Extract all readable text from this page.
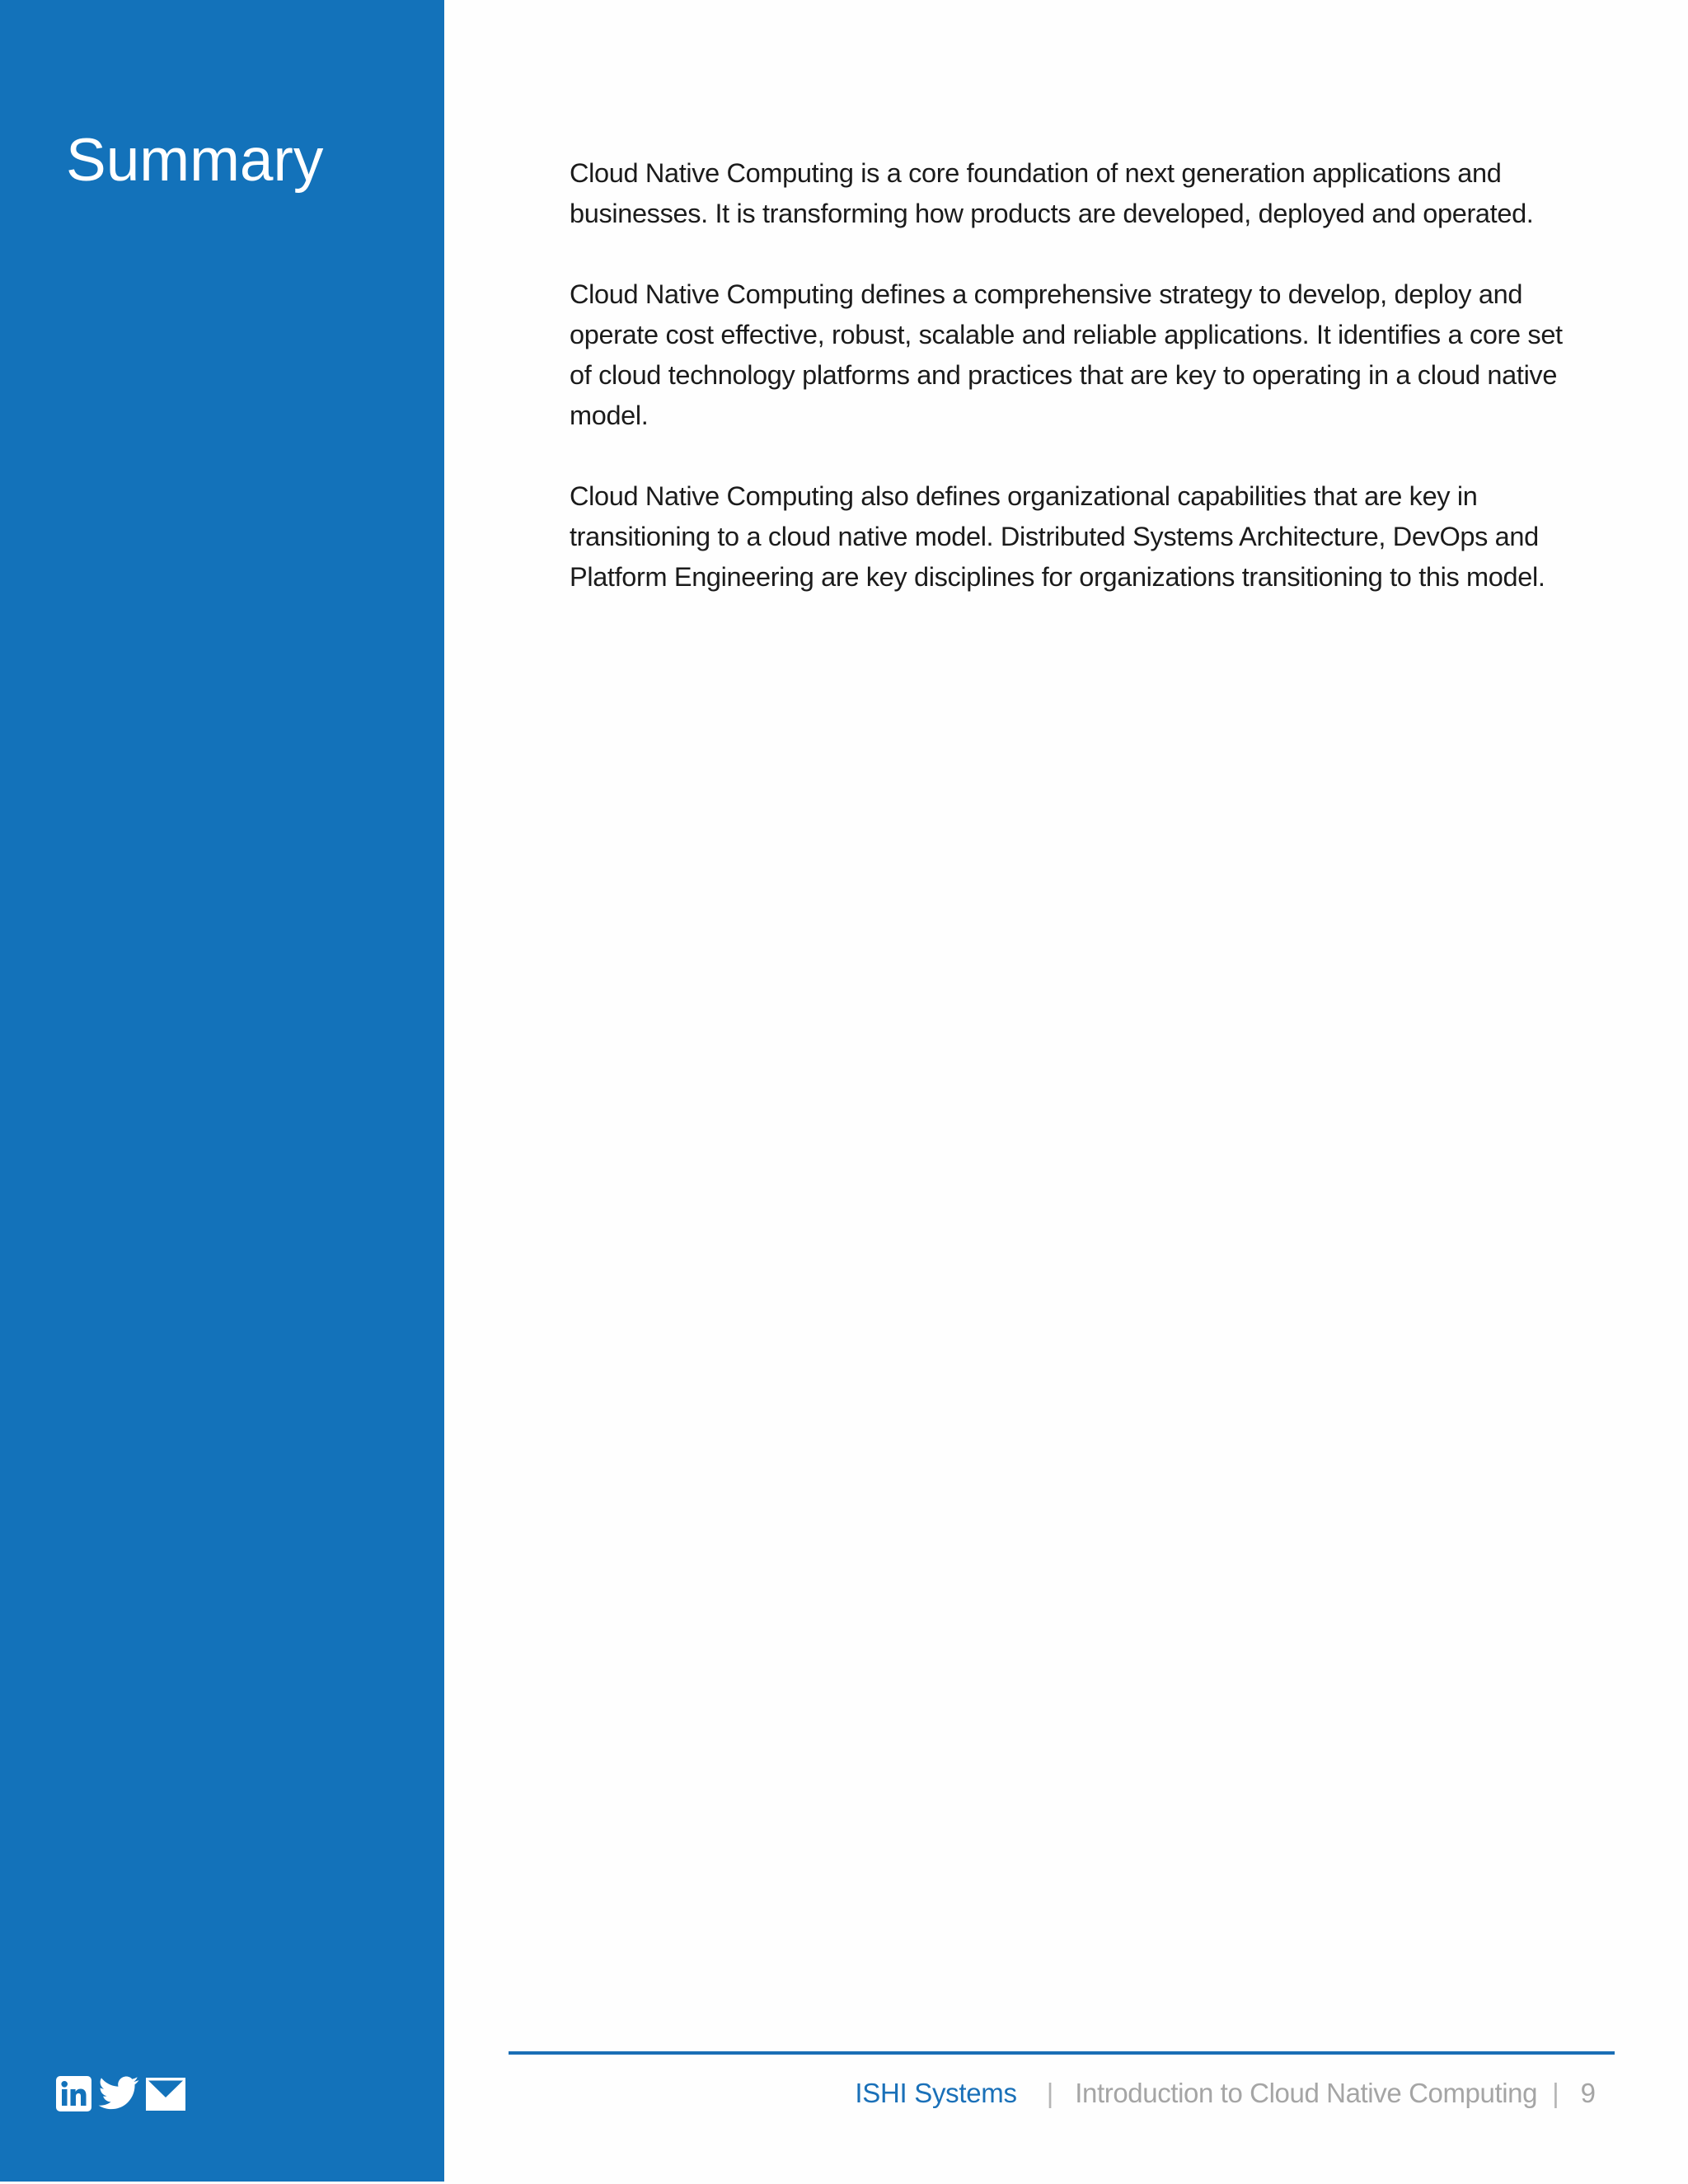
Summary	Cloud Native Computing is a core foundation of next generation applications and businesses. It is transforming how products are developed, deployed and operated.

Cloud Native Computing defines a comprehensive strategy to develop, deploy and operate cost effective, robust, scalable and reliable applications. It identifies a core set of cloud technology platforms and practices that are key to operating in a cloud native model.

Cloud Native Computing also defines organizational capabilities that are key in transitioning to a cloud native model. Distributed Systems Architecture, DevOps and Platform Engineering are key disciplines for organizations transitioning to this model.

ISHI Systems | Introduction to Cloud Native Computing | 9
